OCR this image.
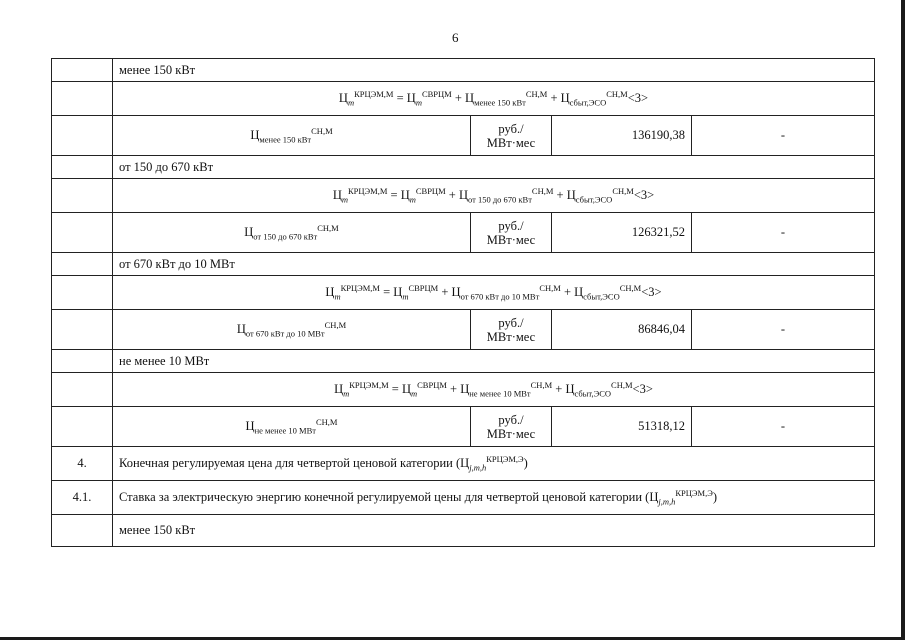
6
	менее 150 кВт			
	$Ц_m^{КРЦЭМ,М} = Ц_m^{СВРЦМ} + Ц_{менее 150 кВт}^{СН,М} + Ц_{сбыт,ЭСО}^{СН,М}<3>$			
	$Ц_{менее 150 кВт}^{СН,М}$	руб./
МВт·мес	136190,38	-
	от 150 до 670 кВт			
	$Ц_m^{КРЦЭМ,М} = Ц_m^{СВРЦМ} + Ц_{от 150 до 670 кВт}^{СН,М} + Ц_{сбыт,ЭСО}^{СН,М}<3>$			
	$Ц_{от 150 до 670 кВт}^{СН,М}$	руб./
МВт·мес	126321,52	-
	от 670 кВт до 10 МВт			
	$Ц_m^{КРЦЭМ,М} = Ц_m^{СВРЦМ} + Ц_{от 670 кВт до 10 МВт}^{СН,М} + Ц_{сбыт,ЭСО}^{СН,М}<3>$			
	$Ц_{от 670 кВт до 10 МВт}^{СН,М}$	руб./
МВт·мес	86846,04	-
	не менее 10 МВт			
	$Ц_m^{КРЦЭМ,М} = Ц_m^{СВРЦМ} + Ц_{не менее 10 МВт}^{СН,М} + Ц_{сбыт,ЭСО}^{СН,М}<3>$			
	$Ц_{не менее 10 МВт}^{СН,М}$	руб./
МВт·мес	51318,12	-
4.	Конечная регулируемая цена для четвертой ценовой категории $(Ц_{j,m,h}^{КРЦЭМ,Э})$			
4.1.	Ставка за электрическую энергию конечной регулируемой цены для четвертой ценовой категории $(Ц_{j,m,h}^{КРЦЭМ,Э})$			
	менее 150 кВт			
